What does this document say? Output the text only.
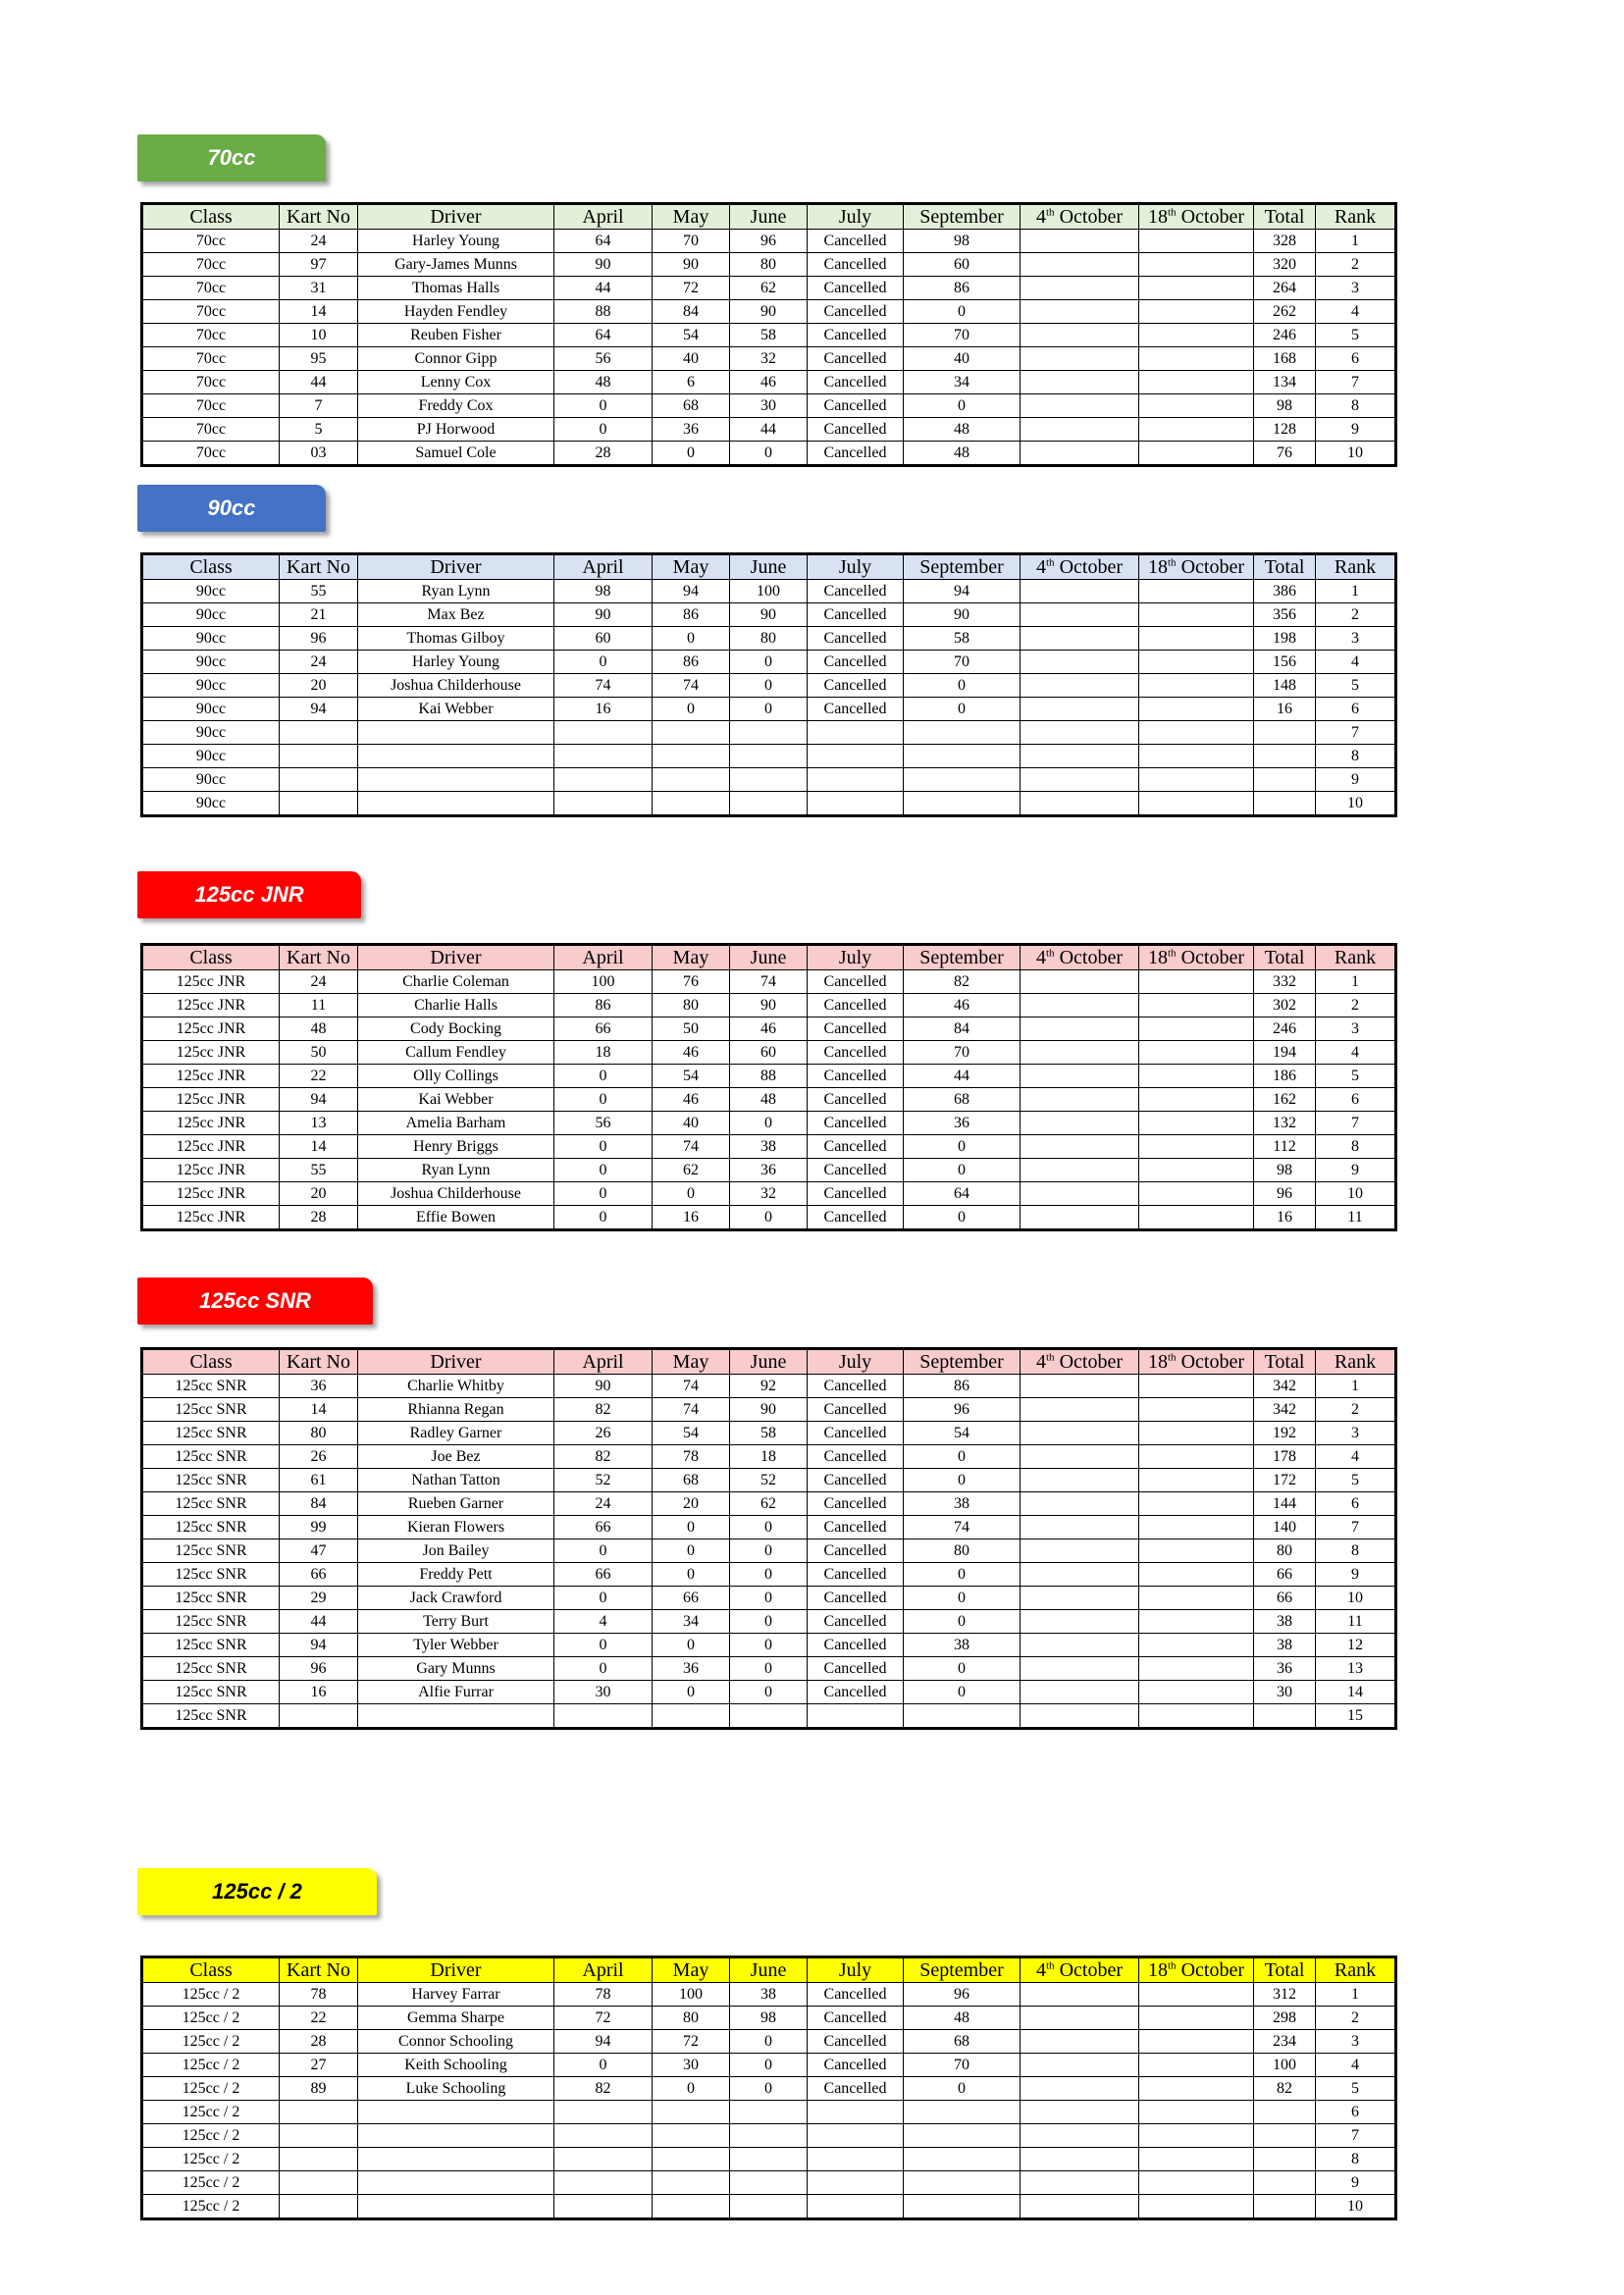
70cc
Class	Kart No	Driver	April	May	June	July	September	4th October	18th October	Total	Rank
70cc	24	Harley Young	64	70	96	Cancelled	98			328	1
70cc	97	Gary-James Munns	90	90	80	Cancelled	60			320	2
70cc	31	Thomas Halls	44	72	62	Cancelled	86			264	3
70cc	14	Hayden Fendley	88	84	90	Cancelled	0			262	4
70cc	10	Reuben Fisher	64	54	58	Cancelled	70			246	5
70cc	95	Connor Gipp	56	40	32	Cancelled	40			168	6
70cc	44	Lenny Cox	48	6	46	Cancelled	34			134	7
70cc	7	Freddy Cox	0	68	30	Cancelled	0			98	8
70cc	5	PJ Horwood	0	36	44	Cancelled	48			128	9
70cc	03	Samuel Cole	28	0	0	Cancelled	48			76	10
90cc
Class	Kart No	Driver	April	May	June	July	September	4th October	18th October	Total	Rank
90cc	55	Ryan Lynn	98	94	100	Cancelled	94			386	1
90cc	21	Max Bez	90	86	90	Cancelled	90			356	2
90cc	96	Thomas Gilboy	60	0	80	Cancelled	58			198	3
90cc	24	Harley Young	0	86	0	Cancelled	70			156	4
90cc	20	Joshua Childerhouse	74	74	0	Cancelled	0			148	5
90cc	94	Kai Webber	16	0	0	Cancelled	0			16	6
90cc											7
90cc											8
90cc											9
90cc											10
125cc JNR
Class	Kart No	Driver	April	May	June	July	September	4th October	18th October	Total	Rank
125cc JNR	24	Charlie Coleman	100	76	74	Cancelled	82			332	1
125cc JNR	11	Charlie Halls	86	80	90	Cancelled	46			302	2
125cc JNR	48	Cody Bocking	66	50	46	Cancelled	84			246	3
125cc JNR	50	Callum Fendley	18	46	60	Cancelled	70			194	4
125cc JNR	22	Olly Collings	0	54	88	Cancelled	44			186	5
125cc JNR	94	Kai Webber	0	46	48	Cancelled	68			162	6
125cc JNR	13	Amelia Barham	56	40	0	Cancelled	36			132	7
125cc JNR	14	Henry Briggs	0	74	38	Cancelled	0			112	8
125cc JNR	55	Ryan Lynn	0	62	36	Cancelled	0			98	9
125cc JNR	20	Joshua Childerhouse	0	0	32	Cancelled	64			96	10
125cc JNR	28	Effie Bowen	0	16	0	Cancelled	0			16	11
125cc SNR
Class	Kart No	Driver	April	May	June	July	September	4th October	18th October	Total	Rank
125cc SNR	36	Charlie Whitby	90	74	92	Cancelled	86			342	1
125cc SNR	14	Rhianna Regan	82	74	90	Cancelled	96			342	2
125cc SNR	80	Radley Garner	26	54	58	Cancelled	54			192	3
125cc SNR	26	Joe Bez	82	78	18	Cancelled	0			178	4
125cc SNR	61	Nathan Tatton	52	68	52	Cancelled	0			172	5
125cc SNR	84	Rueben Garner	24	20	62	Cancelled	38			144	6
125cc SNR	99	Kieran Flowers	66	0	0	Cancelled	74			140	7
125cc SNR	47	Jon Bailey	0	0	0	Cancelled	80			80	8
125cc SNR	66	Freddy Pett	66	0	0	Cancelled	0			66	9
125cc SNR	29	Jack Crawford	0	66	0	Cancelled	0			66	10
125cc SNR	44	Terry Burt	4	34	0	Cancelled	0			38	11
125cc SNR	94	Tyler Webber	0	0	0	Cancelled	38			38	12
125cc SNR	96	Gary Munns	0	36	0	Cancelled	0			36	13
125cc SNR	16	Alfie Furrar	30	0	0	Cancelled	0			30	14
125cc SNR											15
125cc / 2
Class	Kart No	Driver	April	May	June	July	September	4th October	18th October	Total	Rank
125cc / 2	78	Harvey Farrar	78	100	38	Cancelled	96			312	1
125cc / 2	22	Gemma Sharpe	72	80	98	Cancelled	48			298	2
125cc / 2	28	Connor Schooling	94	72	0	Cancelled	68			234	3
125cc / 2	27	Keith Schooling	0	30	0	Cancelled	70			100	4
125cc / 2	89	Luke Schooling	82	0	0	Cancelled	0			82	5
125cc / 2											6
125cc / 2											7
125cc / 2											8
125cc / 2											9
125cc / 2											10
